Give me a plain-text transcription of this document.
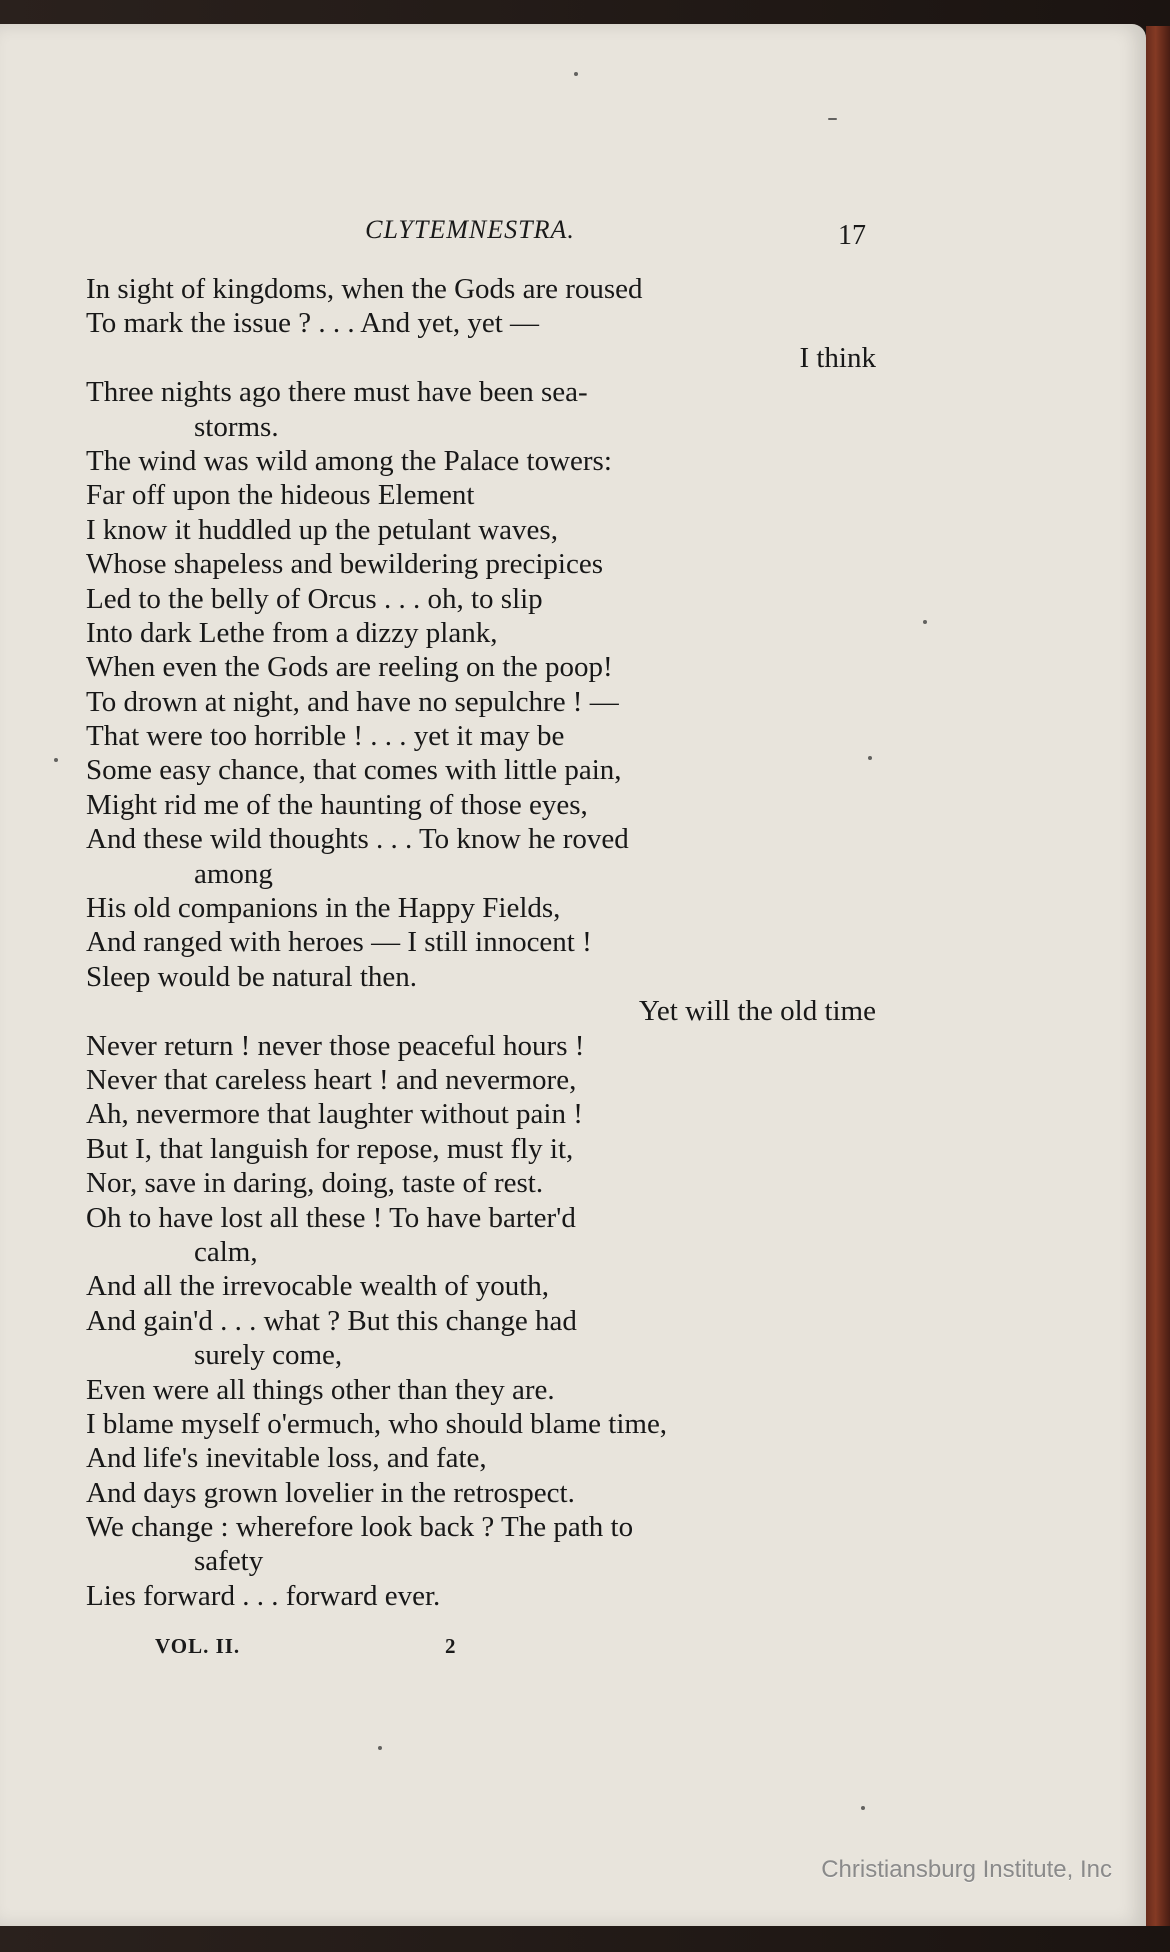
CLYTEMNESTRA.	17
In sight of kingdoms, when the Gods are roused
To mark the issue ? . . . And yet, yet —
I think
Three nights ago there must have been sea-
storms.
The wind was wild among the Palace towers:
Far off upon the hideous Element
I know it huddled up the petulant waves,
Whose shapeless and bewildering precipices
Led to the belly of Orcus . . . oh, to slip
Into dark Lethe from a dizzy plank,
When even the Gods are reeling on the poop!
To drown at night, and have no sepulchre ! —
That were too horrible ! . . . yet it may be
Some easy chance, that comes with little pain,
Might rid me of the haunting of those eyes,
And these wild thoughts . . . To know he roved
among
His old companions in the Happy Fields,
And ranged with heroes — I still innocent !
Sleep would be natural then.
Yet will the old time
Never return ! never those peaceful hours !
Never that careless heart ! and nevermore,
Ah, nevermore that laughter without pain !
But I, that languish for repose, must fly it,
Nor, save in daring, doing, taste of rest.
Oh to have lost all these ! To have barter'd
calm,
And all the irrevocable wealth of youth,
And gain'd . . . what ? But this change had
surely come,
Even were all things other than they are.
I blame myself o'ermuch, who should blame time,
And life's inevitable loss, and fate,
And days grown lovelier in the retrospect.
We change : wherefore look back ? The path to
safety
Lies forward . . . forward ever.
VOL. II.	2
Christiansburg Institute, Inc
